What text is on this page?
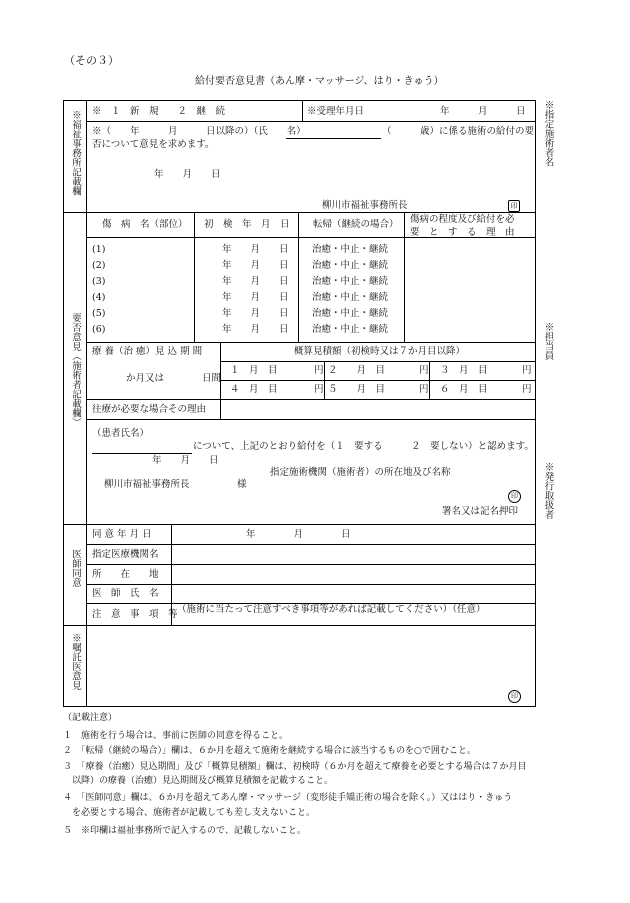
（その３）
給付要否意見書（あん摩・マッサージ、はり・きゅう）
※指定施術者名
※担当員
※発行取扱者
※福祉事務所記載欄 ※　１　新　規　　２　継　続	※受理年月日　　　　　　　　年　　　月　　　日
※（　　年　　　月　　　日以降の）（氏　　名）	（　　　歳）に係る施術の給付の要
否について意見を求めます。
年　　月　　日
柳川市福祉事務所長	印
要否意見（施術者記載欄）
傷　病　名（部位） 初　検　年　月　日 転帰（継続の場合） 傷病の程度及び給付を必
要　と　す　る　理　由
(1)	年　　月　　日 治癒・中止・継続
(2)	年　　月　　日 治癒・中止・継続
(3)	年　　月　　日 治癒・中止・継続
(4)	年　　月　　日 治癒・中止・継続
(5)	年　　月　　日 治癒・中止・継続
(6)	年　　月　　日 治癒・中止・継続
療 養（治 癒）見 込 期 間
か月又は　　　　日間
概算見積額（初検時又は７か月目以降）
１　月　目	円 ２　　月　目	円 ３　月　目	円
４　月　目	円 ５　　月　目	円 ６　月　目	円
往療が必要な場合その理由
（患者氏名）
について、上記のとおり給付を（１　要する　　　２　要しない）と認めます。
年　　月　　日
指定施術機関（施術者）の所在地及び名称
柳川市福祉事務所長　　　　　様
印
署名又は記名押印
医師同意
同 意 年 月 日	年　　　　月　　　　日
指定医療機関名
所　　在　　地
医　師　氏　名
注　意　事　項　等 （施術に当たって注意すべき事項等があれば記載してください）（任意）
※嘱託医意見
印
（記載注意）
１　施術を行う場合は、事前に医師の同意を得ること。
２　「転帰（継続の場合）」欄は、６か月を超えて施術を継続する場合に該当するものを○で囲むこと。
３　「療養（治癒）見込期間」及び「概算見積額」欄は、初検時（６か月を超えて療養を必要とする場合は７か月目
　以降）の療養（治癒）見込期間及び概算見積額を記載すること。
４　「医師同意」欄は、６か月を超えてあん摩・マッサージ（変形徒手矯正術の場合を除く。）又ははり・きゅう
　を必要とする場合、施術者が記載しても差し支えないこと。
５　※印欄は福祉事務所で記入するので、記載しないこと。
